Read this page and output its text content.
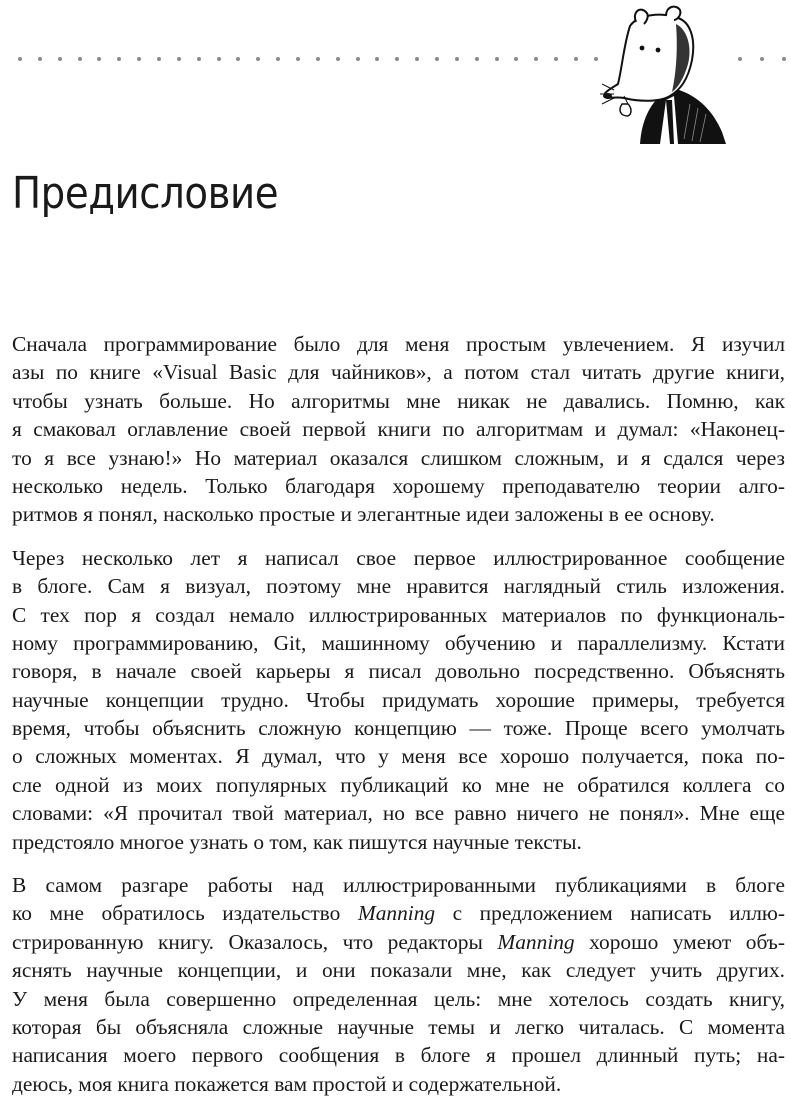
Предисловие
Сначала программирование было для меня простым увлечением. Я изучил
азы по книге «Visual Basic для чайников», а потом стал читать другие книги,
чтобы узнать больше. Но алгоритмы мне никак не давались. Помню, как
я смаковал оглавление своей первой книги по алгоритмам и думал: «Наконец-
то я все узнаю!» Но материал оказался слишком сложным, и я сдался через
несколько недель. Только благодаря хорошему преподавателю теории алго-
ритмов я понял, насколько простые и элегантные идеи заложены в ее основу.
Через несколько лет я написал свое первое иллюстрированное сообщение
в блоге. Сам я визуал, поэтому мне нравится наглядный стиль изложения.
С тех пор я создал немало иллюстрированных материалов по функциональ-
ному программированию, Git, машинному обучению и параллелизму. Кстати
говоря, в начале своей карьеры я писал довольно посредственно. Объяснять
научные концепции трудно. Чтобы придумать хорошие примеры, требуется
время, чтобы объяснить сложную концепцию — тоже. Проще всего умолчать
о сложных моментах. Я думал, что у меня все хорошо получается, пока по-
сле одной из моих популярных публикаций ко мне не обратился коллега со
словами: «Я прочитал твой материал, но все равно ничего не понял». Мне еще
предстояло многое узнать о том, как пишутся научные тексты.
В самом разгаре работы над иллюстрированными публикациями в блоге
ко мне обратилось издательство Manning с предложением написать иллю-
стрированную книгу. Оказалось, что редакторы Manning хорошо умеют объ-
яснять научные концепции, и они показали мне, как следует учить других.
У меня была совершенно определенная цель: мне хотелось создать книгу,
которая бы объясняла сложные научные темы и легко читалась. С момента
написания моего первого сообщения в блоге я прошел длинный путь; на-
деюсь, моя книга покажется вам простой и содержательной.
